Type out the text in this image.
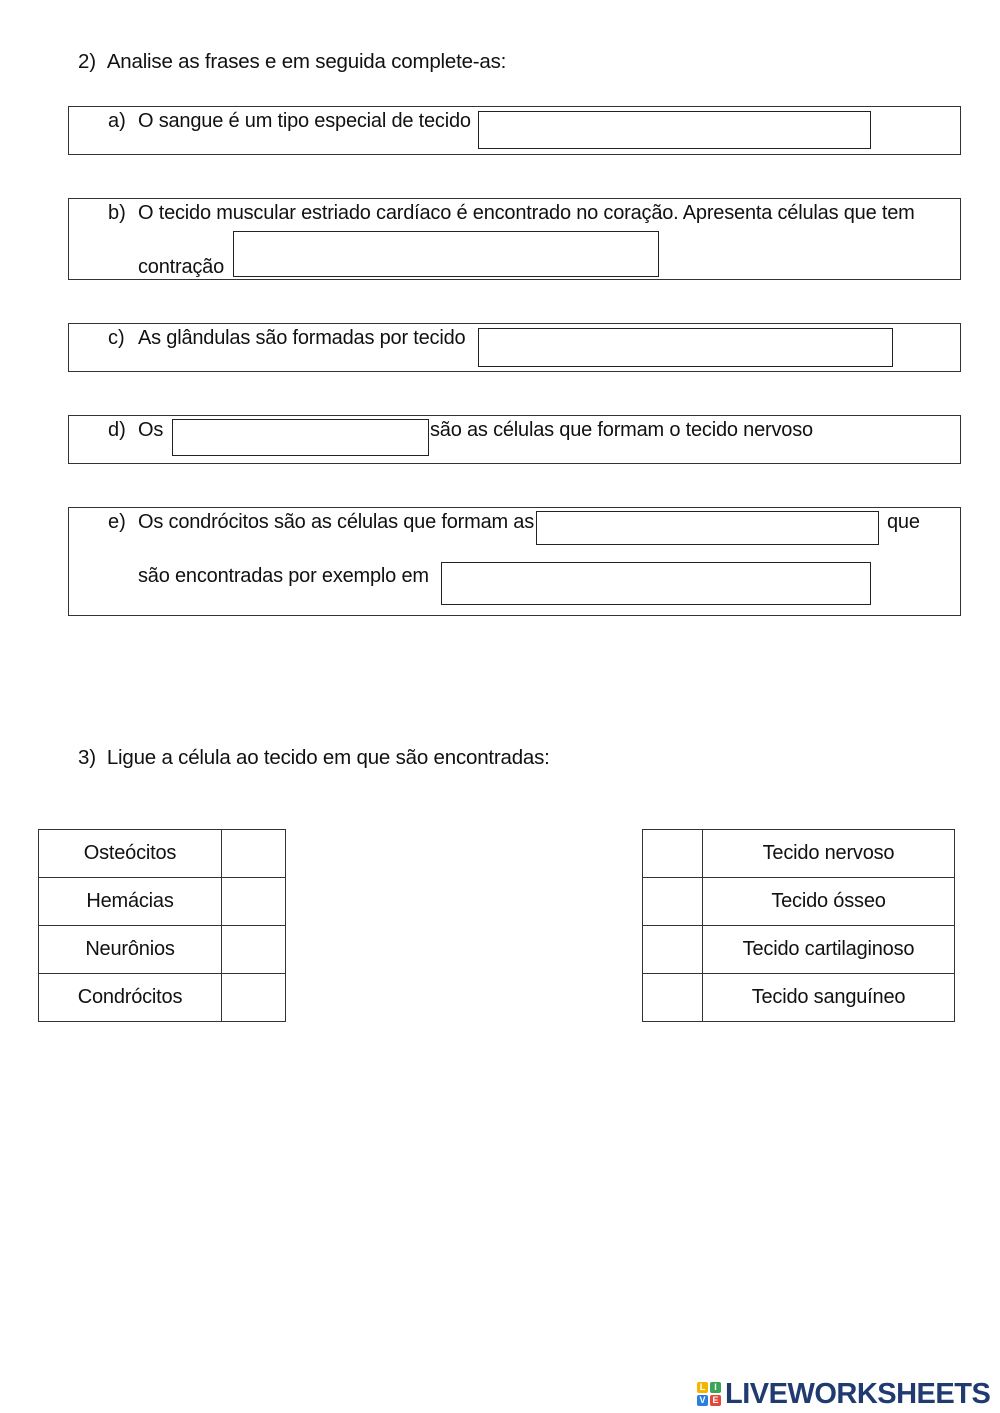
2) Analise as frases e em seguida complete-as:
a) O sangue é um tipo especial de tecido
b) O tecido muscular estriado cardíaco é encontrado no coração. Apresenta células que tem
contração
c) As glândulas são formadas por tecido
d) Os	são as células que formam o tecido nervoso
e) Os condrócitos são as células que formam as	que
são encontradas por exemplo em
3) Ligue a célula ao tecido em que são encontradas:
Osteócitos	
Hemácias	
Neurônios	
Condrócitos	
	Tecido nervoso
	Tecido ósseo
	Tecido cartilaginoso
	Tecido sanguíneo
L I
V E LIVEWORKSHEETS
